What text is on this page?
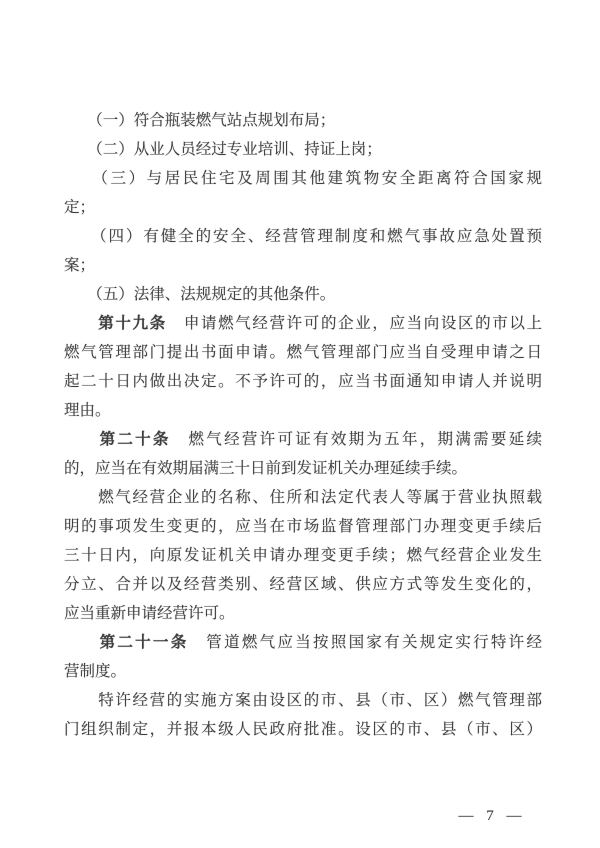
　　（一）符合瓶装燃气站点规划布局；
　　（二）从业人员经过专业培训、持证上岗；
　　（三）与居民住宅及周围其他建筑物安全距离符合国家规
定；
　　（四）有健全的安全、经营管理制度和燃气事故应急处置预
案；
　　（五）法律、法规规定的其他条件。
　　第十九条　申请燃气经营许可的企业，应当向设区的市以上
燃气管理部门提出书面申请。燃气管理部门应当自受理申请之日
起二十日内做出决定。不予许可的，应当书面通知申请人并说明
理由。
　　第二十条　燃气经营许可证有效期为五年，期满需要延续
的，应当在有效期届满三十日前到发证机关办理延续手续。
　　燃气经营企业的名称、住所和法定代表人等属于营业执照载
明的事项发生变更的，应当在市场监督管理部门办理变更手续后
三十日内，向原发证机关申请办理变更手续；燃气经营企业发生
分立、合并以及经营类别、经营区域、供应方式等发生变化的，
应当重新申请经营许可。
　　第二十一条　管道燃气应当按照国家有关规定实行特许经
营制度。
　　特许经营的实施方案由设区的市、县（市、区）燃气管理部
门组织制定，并报本级人民政府批准。设区的市、县（市、区）
— 7 —
